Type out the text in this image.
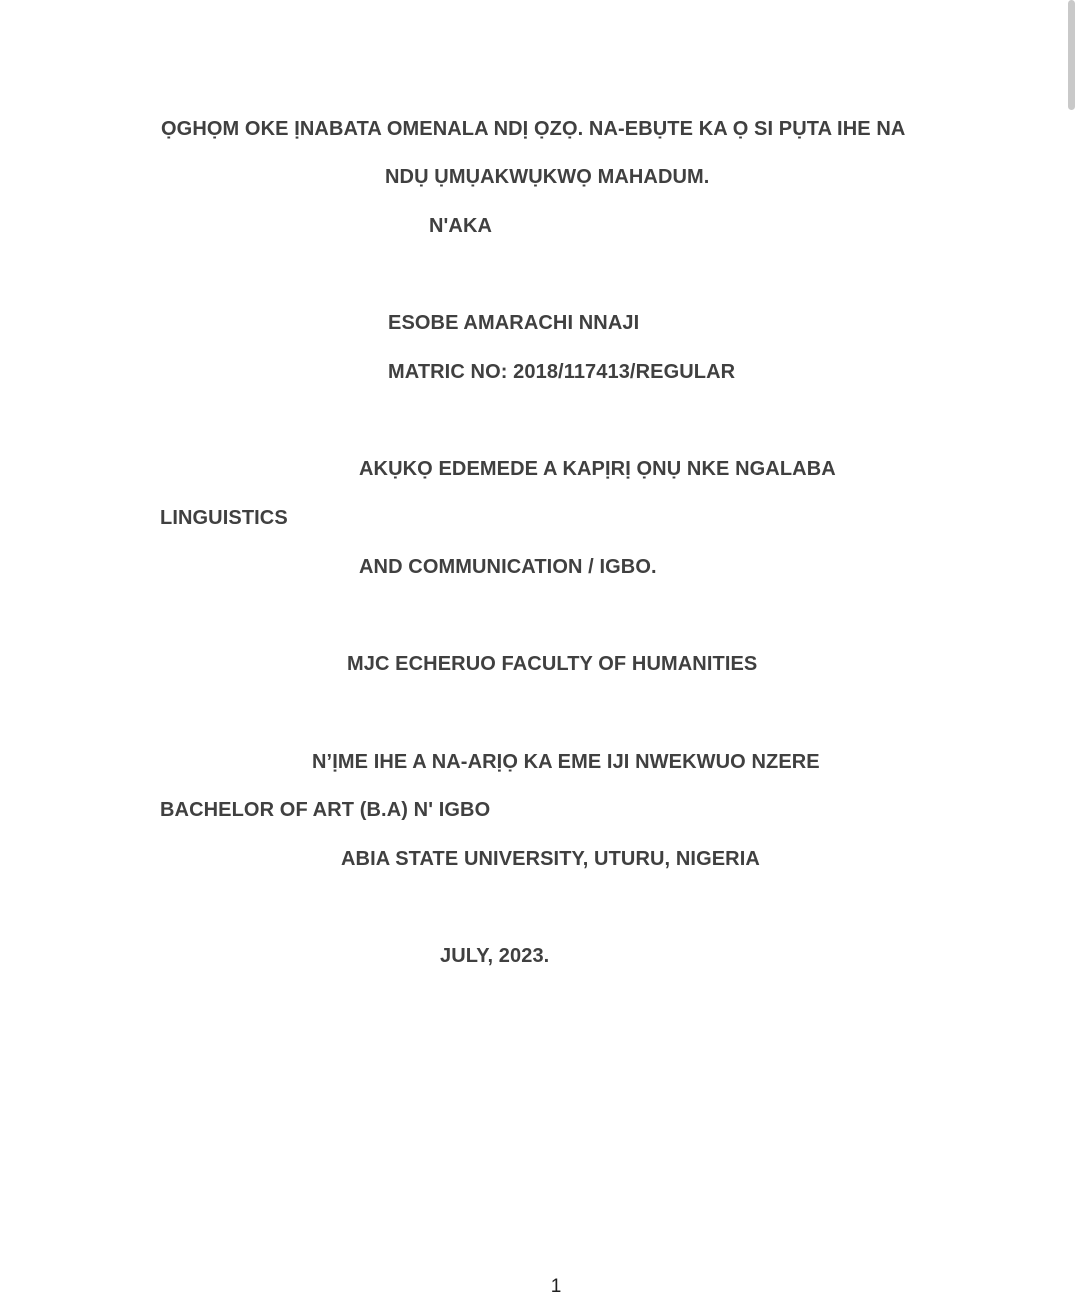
ỌGHỌM OKE ỊNABATA OMENALA NDỊ ỌZỌ. NA-EBỤTE KA Ọ SI PỤTA IHE NA
NDỤ ỤMỤAKWỤKWỌ MAHADUM.
N'AKA
ESOBE AMARACHI NNAJI
MATRIC NO: 2018/117413/REGULAR
AKỤKỌ EDEMEDE A KAPỊRỊ ỌNỤ NKE NGALABA
LINGUISTICS
AND COMMUNICATION / IGBO.
MJC ECHERUO FACULTY OF HUMANITIES
N’ỊME IHE A NA-ARỊỌ KA EME IJI NWEKWUO NZERE
BACHELOR OF ART (B.A) N' IGBO
ABIA STATE UNIVERSITY, UTURU, NIGERIA
JULY, 2023.
1
